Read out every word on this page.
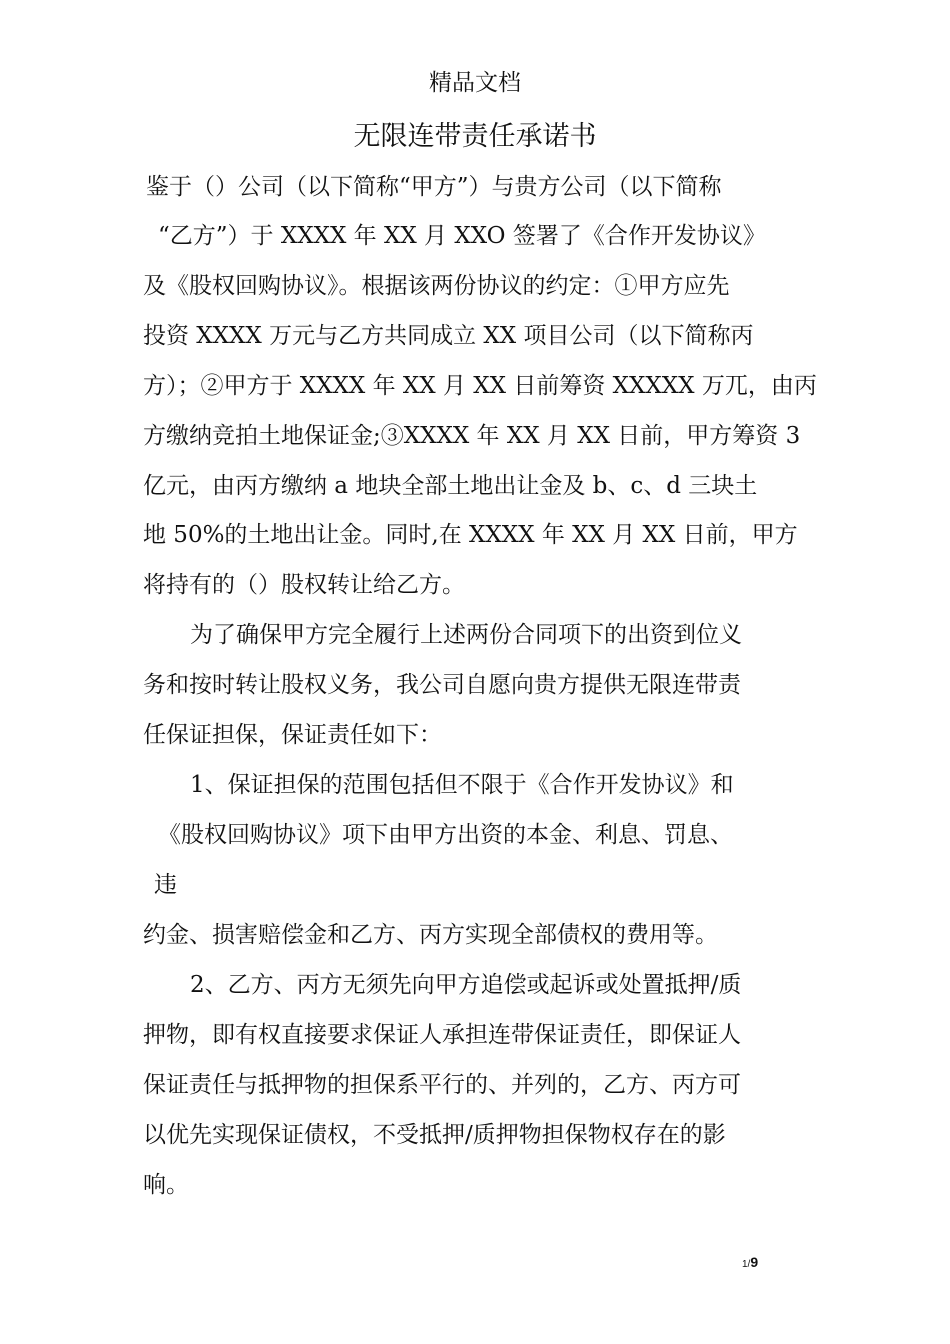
精品文档
无限连带责任承诺书
鉴于（）公司（以下简称“甲方”）与贵方公司（以下简称
“乙方”）于 XXXX 年 XX 月 XXO 签署了《合作开发协议》
及《股权回购协议》。根据该两份协议的约定：①甲方应先
投资 XXXX 万元与乙方共同成立 XX 项目公司（以下简称丙
方）；②甲方于 XXXX 年 XX 月 XX 日前筹资 XXXXX 万兀，由丙
方缴纳竞拍土地保证金;③XXXX 年 XX 月 XX 日前，甲方筹资 3
亿元，由丙方缴纳 a 地块全部土地出让金及 b、c、d 三块土
地 50%的土地出让金。同时,在 XXXX 年 XX 月 XX 日前，甲方
将持有的（）股权转让给乙方。
为了确保甲方完全履行上述两份合同项下的出资到位义
务和按时转让股权义务，我公司自愿向贵方提供无限连带责
任保证担保，保证责任如下：
1、保证担保的范围包括但不限于《合作开发协议》和
《股权回购协议》项下由甲方出资的本金、利息、罚息、
违
约金、损害赔偿金和乙方、丙方实现全部债权的费用等。
2、乙方、丙方无须先向甲方追偿或起诉或处置抵押/质
押物，即有权直接要求保证人承担连带保证责任，即保证人
保证责任与抵押物的担保系平行的、并列的，乙方、丙方可
以优先实现保证债权，不受抵押/质押物担保物权存在的影
响。
1/9
